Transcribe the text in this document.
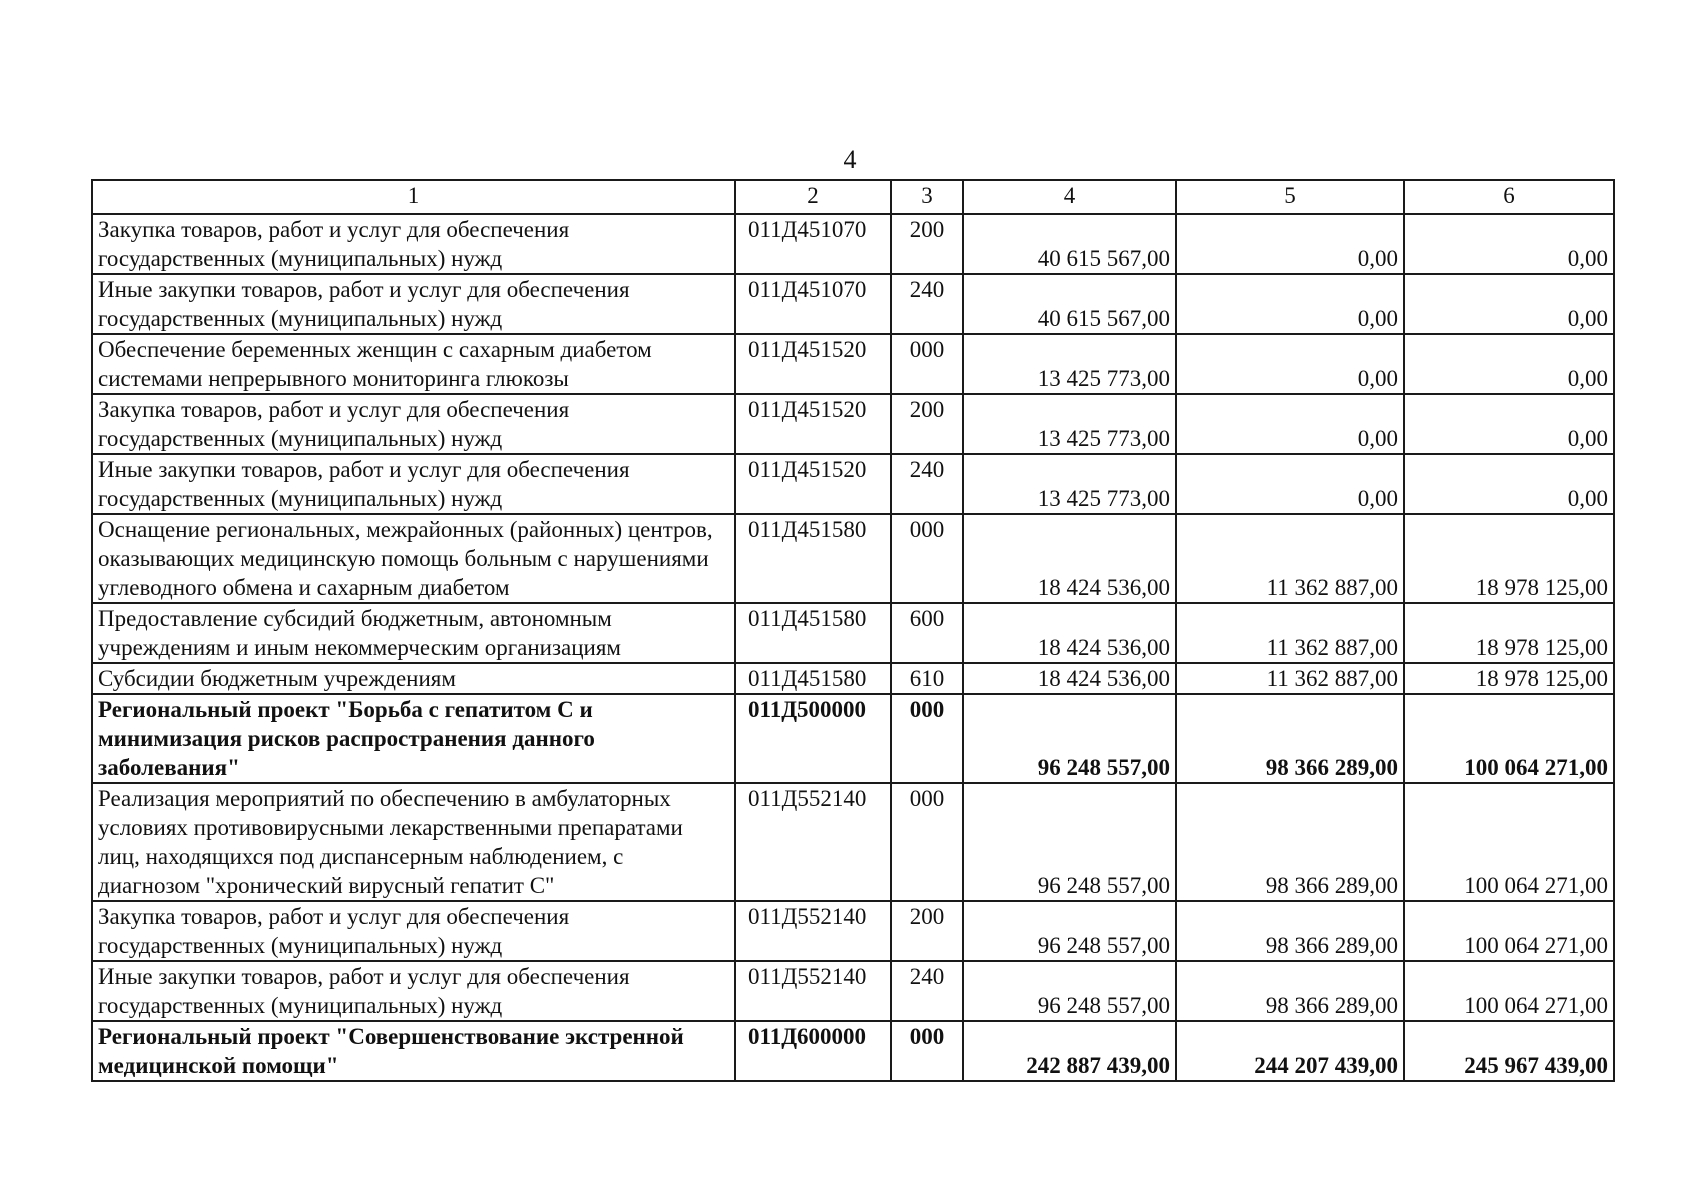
4
1	2	3	4	5	6
Закупка товаров, работ и услуг для обеспечения государственных (муниципальных) нужд	011Д451070	200	40 615 567,00	0,00	0,00
Иные закупки товаров, работ и услуг для обеспечения государственных (муниципальных) нужд	011Д451070	240	40 615 567,00	0,00	0,00
Обеспечение беременных женщин с сахарным диабетом системами непрерывного мониторинга глюкозы	011Д451520	000	13 425 773,00	0,00	0,00
Закупка товаров, работ и услуг для обеспечения государственных (муниципальных) нужд	011Д451520	200	13 425 773,00	0,00	0,00
Иные закупки товаров, работ и услуг для обеспечения государственных (муниципальных) нужд	011Д451520	240	13 425 773,00	0,00	0,00
Оснащение региональных, межрайонных (районных) центров, оказывающих медицинскую помощь больным с нарушениями углеводного обмена и сахарным диабетом	011Д451580	000	18 424 536,00	11 362 887,00	18 978 125,00
Предоставление субсидий бюджетным, автономным учреждениям и иным некоммерческим организациям	011Д451580	600	18 424 536,00	11 362 887,00	18 978 125,00
Субсидии бюджетным учреждениям	011Д451580	610	18 424 536,00	11 362 887,00	18 978 125,00
Региональный проект "Борьба с гепатитом С и минимизация рисков распространения данного заболевания"	011Д500000	000	96 248 557,00	98 366 289,00	100 064 271,00
Реализация мероприятий по обеспечению в амбулаторных условиях противовирусными лекарственными препаратами лиц, находящихся под диспансерным наблюдением, с диагнозом "хронический вирусный гепатит С"	011Д552140	000	96 248 557,00	98 366 289,00	100 064 271,00
Закупка товаров, работ и услуг для обеспечения государственных (муниципальных) нужд	011Д552140	200	96 248 557,00	98 366 289,00	100 064 271,00
Иные закупки товаров, работ и услуг для обеспечения государственных (муниципальных) нужд	011Д552140	240	96 248 557,00	98 366 289,00	100 064 271,00
Региональный проект "Совершенствование экстренной медицинской помощи"	011Д600000	000	242 887 439,00	244 207 439,00	245 967 439,00
